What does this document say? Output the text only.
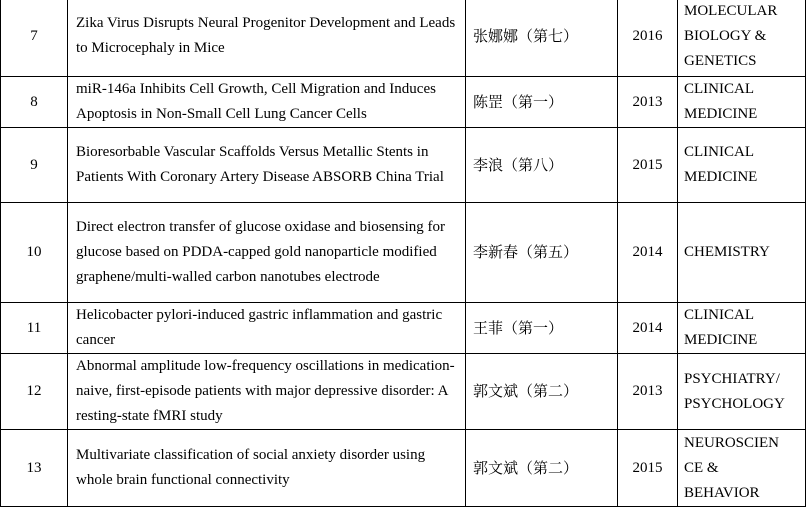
7	Zika Virus Disrupts Neural Progenitor Development and Leads to Microcephaly in Mice	张娜娜（第七）	2016	MOLECULAR
BIOLOGY &
GENETICS

8	miR-146a Inhibits Cell Growth, Cell Migration and Induces Apoptosis in Non-Small Cell Lung Cancer Cells	陈罡（第一）	2013	CLINICAL
MEDICINE

9	Bioresorbable Vascular Scaffolds Versus Metallic Stents in Patients With Coronary Artery Disease ABSORB China Trial	李浪（第八）	2015	CLINICAL
MEDICINE

10	Direct electron transfer of glucose oxidase and biosensing for glucose based on PDDA-capped gold nanoparticle modified graphene/multi-walled carbon nanotubes electrode	李新春（第五）	2014	CHEMISTRY

11	Helicobacter pylori-induced gastric inflammation and gastric cancer	王菲（第一）	2014	CLINICAL
MEDICINE

12	Abnormal amplitude low-frequency oscillations in medication-naive, first-episode patients with major depressive disorder: A resting-state fMRI study	郭文斌（第二）	2013	PSYCHIATRY/
PSYCHOLOGY

13	Multivariate classification of social anxiety disorder using whole brain functional connectivity	郭文斌（第二）	2015	NEUROSCIEN
CE &
BEHAVIOR
